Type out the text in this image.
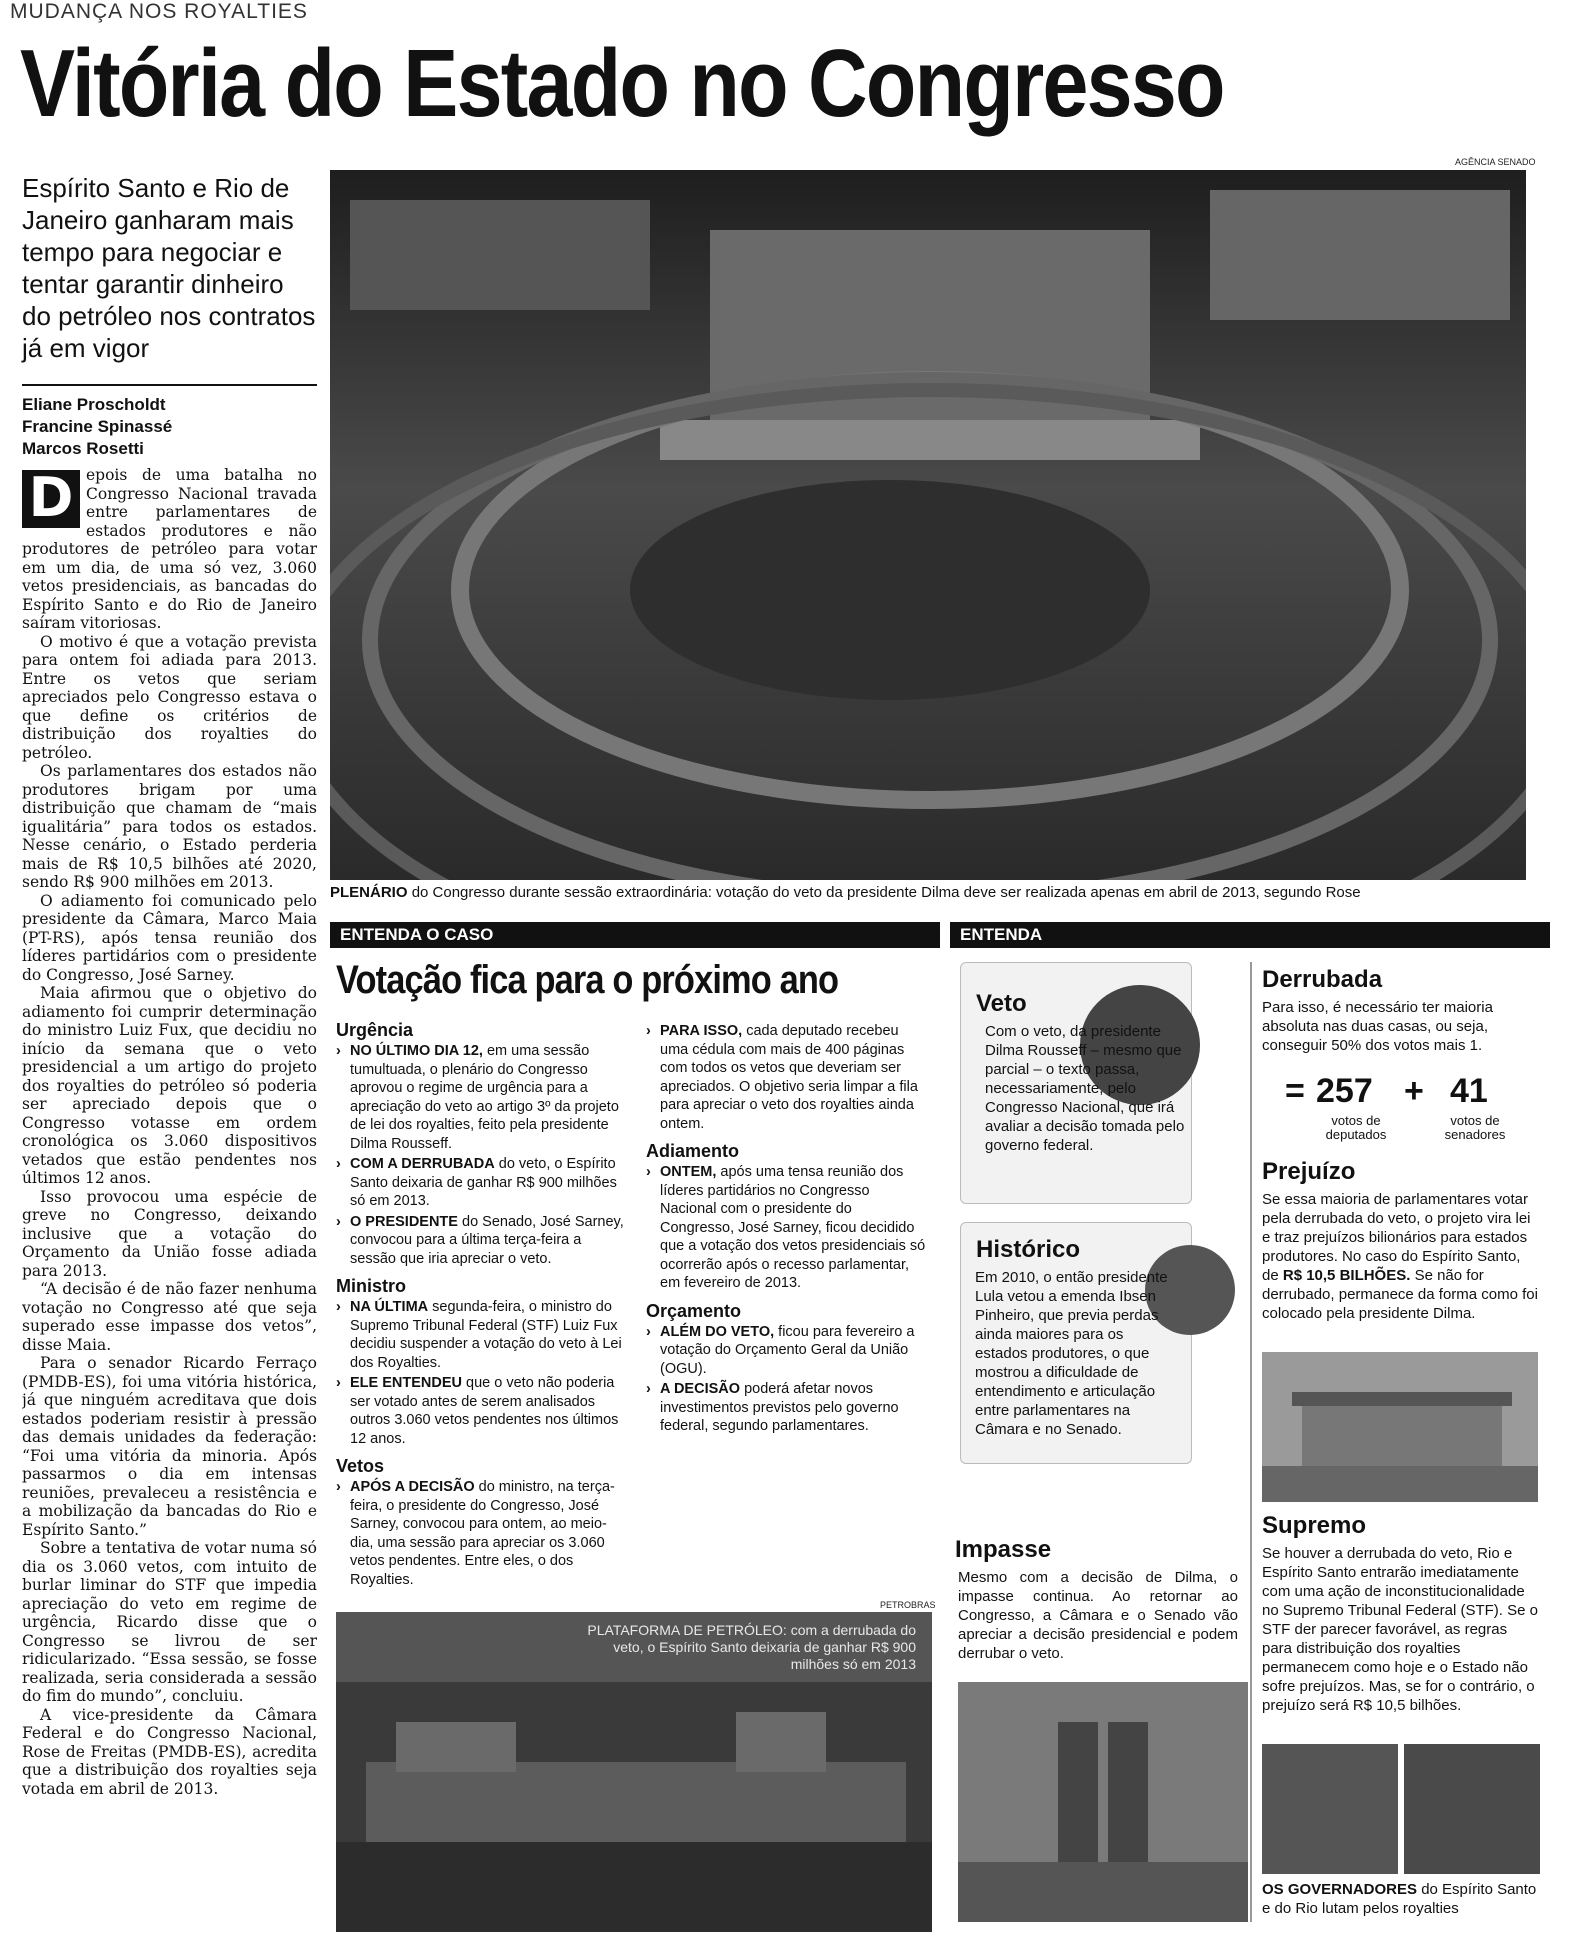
MUDANÇA NOS ROYALTIES
Vitória do Estado no Congresso
Espírito Santo e Rio de Janeiro ganharam mais tempo para negociar e tentar garantir dinheiro do petróleo nos contratos já em vigor
Eliane Proscholdt
Francine Spinassé
Marcos Rosetti

D epois de uma batalha no Congresso Nacional travada entre parlamentares de estados produtores e não produtores de petróleo para votar em um dia, de uma só vez, 3.060 vetos presidenciais, as bancadas do Espírito Santo e do Rio de Janeiro saíram vitoriosas.

O motivo é que a votação prevista para ontem foi adiada para 2013. Entre os vetos que seriam apreciados pelo Congresso estava o que define os critérios de distribuição dos royalties do petróleo.

Os parlamentares dos estados não produtores brigam por uma distribuição que chamam de “mais igualitária” para todos os estados. Nesse cenário, o Estado perderia mais de R$ 10,5 bilhões até 2020, sendo R$ 900 milhões em 2013.

O adiamento foi comunicado pelo presidente da Câmara, Marco Maia (PT-RS), após tensa reunião dos líderes partidários com o presidente do Congresso, José Sarney.

Maia afirmou que o objetivo do adiamento foi cumprir determinação do ministro Luiz Fux, que decidiu no início da semana que o veto presidencial a um artigo do projeto dos royalties do petróleo só poderia ser apreciado depois que o Congresso votasse em ordem cronológica os 3.060 dispositivos vetados que estão pendentes nos últimos 12 anos.

Isso provocou uma espécie de greve no Congresso, deixando inclusive que a votação do Orçamento da União fosse adiada para 2013.

“A decisão é de não fazer nenhuma votação no Congresso até que seja superado esse impasse dos vetos”, disse Maia.

Para o senador Ricardo Ferraço (PMDB-ES), foi uma vitória histórica, já que ninguém acreditava que dois estados poderiam resistir à pressão das demais unidades da federação: “Foi uma vitória da minoria. Após passarmos o dia em intensas reuniões, prevaleceu a resistência e a mobilização da bancadas do Rio e Espírito Santo.”

Sobre a tentativa de votar numa só dia os 3.060 vetos, com intuito de burlar liminar do STF que impedia apreciação do veto em regime de urgência, Ricardo disse que o Congresso se livrou de ser ridicularizado. “Essa sessão, se fosse realizada, seria considerada a sessão do fim do mundo”, concluiu.

A vice-presidente da Câmara Federal e do Congresso Nacional, Rose de Freitas (PMDB-ES), acredita que a distribuição dos royalties seja votada em abril de 2013.

AGÊNCIA SENADO
PLENÁRIO do Congresso durante sessão extraordinária: votação do veto da presidente Dilma deve ser realizada apenas em abril de 2013, segundo Rose
ENTENDA O CASO
Votação fica para o próximo ano
Urgência
› NO ÚLTIMO DIA 12, em uma sessão tumultuada, o plenário do Congresso aprovou o regime de urgência para a apreciação do veto ao artigo 3º da projeto de lei dos royalties, feito pela presidente Dilma Rousseff.
› COM A DERRUBADA do veto, o Espírito Santo deixaria de ganhar R$ 900 milhões só em 2013.
› O PRESIDENTE do Senado, José Sarney, convocou para a última terça-feira a sessão que iria apreciar o veto.
Ministro
› NA ÚLTIMA segunda-feira, o ministro do Supremo Tribunal Federal (STF) Luiz Fux decidiu suspender a votação do veto à Lei dos Royalties.
› ELE ENTENDEU que o veto não poderia ser votado antes de serem analisados outros 3.060 vetos pendentes nos últimos 12 anos.
Vetos
› APÓS A DECISÃO do ministro, na terça-feira, o presidente do Congresso, José Sarney, convocou para ontem, ao meio-dia, uma sessão para apreciar os 3.060 vetos pendentes. Entre eles, o dos Royalties.
› PARA ISSO, cada deputado recebeu uma cédula com mais de 400 páginas com todos os vetos que deveriam ser apreciados. O objetivo seria limpar a fila para apreciar o veto dos royalties ainda ontem.
Adiamento
› ONTEM, após uma tensa reunião dos líderes partidários no Congresso Nacional com o presidente do Congresso, José Sarney, ficou decidido que a votação dos vetos presidenciais só ocorrerão após o recesso parlamentar, em fevereiro de 2013.
Orçamento
› ALÉM DO VETO, ficou para fevereiro a votação do Orçamento Geral da União (OGU).
› A DECISÃO poderá afetar novos investimentos previstos pelo governo federal, segundo parlamentares.
PETROBRAS
PLATAFORMA DE PETRÓLEO: com a derrubada do veto, o Espírito Santo deixaria de ganhar R$ 900 milhões só em 2013
ENTENDA
Veto
Com o veto, da presidente Dilma Rousseff – mesmo que parcial – o texto passa, necessariamente, pelo Congresso Nacional, que irá avaliar a decisão tomada pelo governo federal.
Histórico
Em 2010, o então presidente Lula vetou a emenda Ibsen Pinheiro, que previa perdas ainda maiores para os estados produtores, o que mostrou a dificuldade de entendimento e articulação entre parlamentares na Câmara e no Senado.
Impasse
Mesmo com a decisão de Dilma, o impasse continua. Ao retornar ao Congresso, a Câmara e o Senado vão apreciar a decisão presidencial e podem derrubar o veto.
Derrubada
Para isso, é necessário ter maioria absoluta nas duas casas, ou seja, conseguir 50% dos votos mais 1.
= 257
votos de deputados
+ 41
votos de senadores
Prejuízo
Se essa maioria de parlamentares votar pela derrubada do veto, o projeto vira lei e traz prejuízos bilionários para estados produtores. No caso do Espírito Santo, de R$ 10,5 BILHÕES. Se não for derrubado, permanece da forma como foi colocado pela presidente Dilma.
Supremo
Se houver a derrubada do veto, Rio e Espírito Santo entrarão imediatamente com uma ação de inconstitucionalidade no Supremo Tribunal Federal (STF). Se o STF der parecer favorável, as regras para distribuição dos royalties permanecem como hoje e o Estado não sofre prejuízos. Mas, se for o contrário, o prejuízo será R$ 10,5 bilhões.
OS GOVERNADORES do Espírito Santo e do Rio lutam pelos royalties
